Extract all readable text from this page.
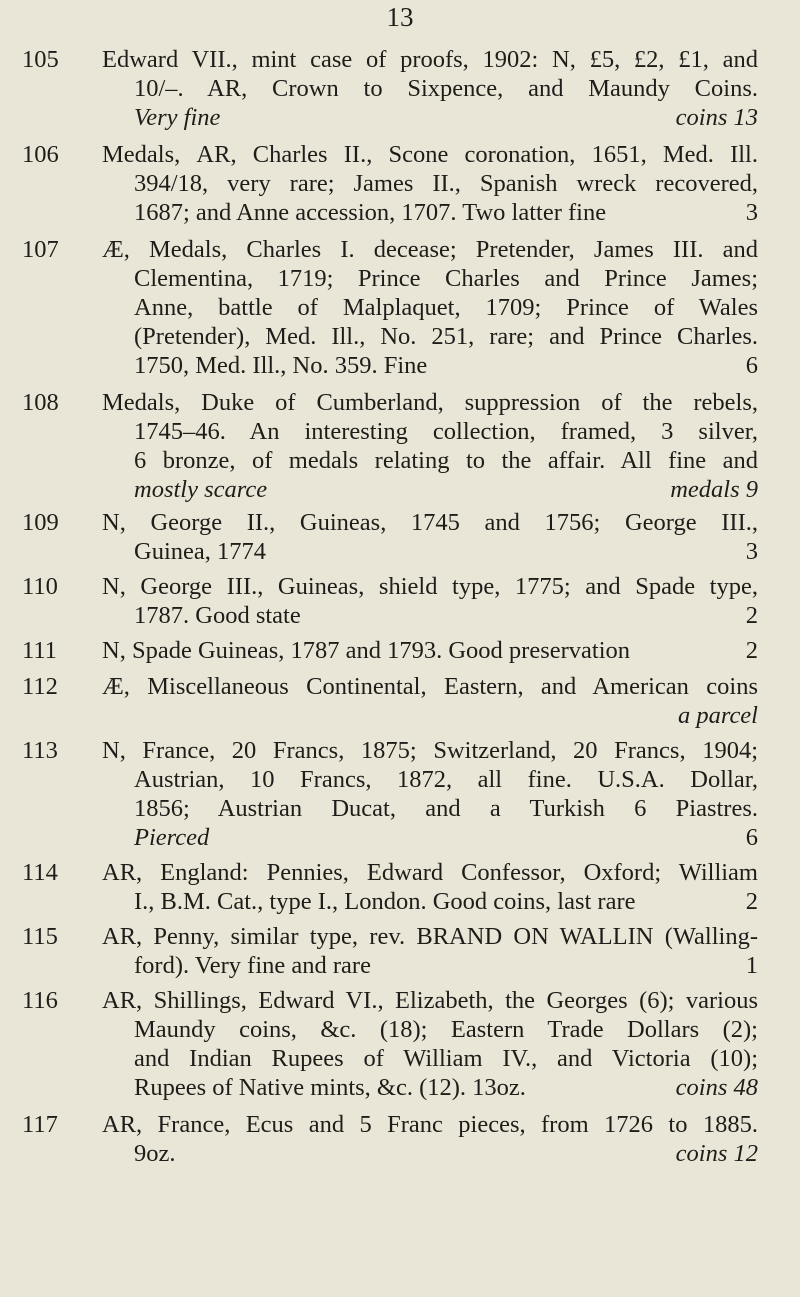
13
105	Edward VII., mint case of proofs, 1902: Ν, £5, £2, £1, and
10/–. ΑR, Crown to Sixpence, and Maundy Coins.
Very fine	coins 13
106	Medals, ΑR, Charles II., Scone coronation, 1651, Med. Ill.
394/18, very rare; James II., Spanish wreck recovered,
1687; and Anne accession, 1707. Two latter fine	3
107	Æ, Medals, Charles I. decease; Pretender, James III. and
Clementina, 1719; Prince Charles and Prince James;
Anne, battle of Malplaquet, 1709; Prince of Wales
(Pretender), Med. Ill., No. 251, rare; and Prince Charles.
1750, Med. Ill., No. 359. Fine	6
108	Medals, Duke of Cumberland, suppression of the rebels,
1745–46. An interesting collection, framed, 3 silver,
6 bronze, of medals relating to the affair. All fine and
mostly scarce	medals 9
109	Ν, George II., Guineas, 1745 and 1756; George III.,
Guinea, 1774	3
110	Ν, George III., Guineas, shield type, 1775; and Spade type,
1787. Good state	2
111	Ν, Spade Guineas, 1787 and 1793. Good preservation	2
112	Æ, Miscellaneous Continental, Eastern, and American coins
a parcel
113	Ν, France, 20 Francs, 1875; Switzerland, 20 Francs, 1904;
Austrian, 10 Francs, 1872, all fine. U.S.A. Dollar,
1856; Austrian Ducat, and a Turkish 6 Piastres.
Pierced	6
114	ΑR, England: Pennies, Edward Confessor, Oxford; William
I., B.M. Cat., type I., London. Good coins, last rare	2
115	ΑR, Penny, similar type, rev. BRAND ON WALLIN (Walling-
ford). Very fine and rare	1
116	ΑR, Shillings, Edward VI., Elizabeth, the Georges (6); various
Maundy coins, &c. (18); Eastern Trade Dollars (2);
and Indian Rupees of William IV., and Victoria (10);
Rupees of Native mints, &c. (12). 13oz.	coins 48
117	ΑR, France, Ecus and 5 Franc pieces, from 1726 to 1885.
9oz.	coins 12
